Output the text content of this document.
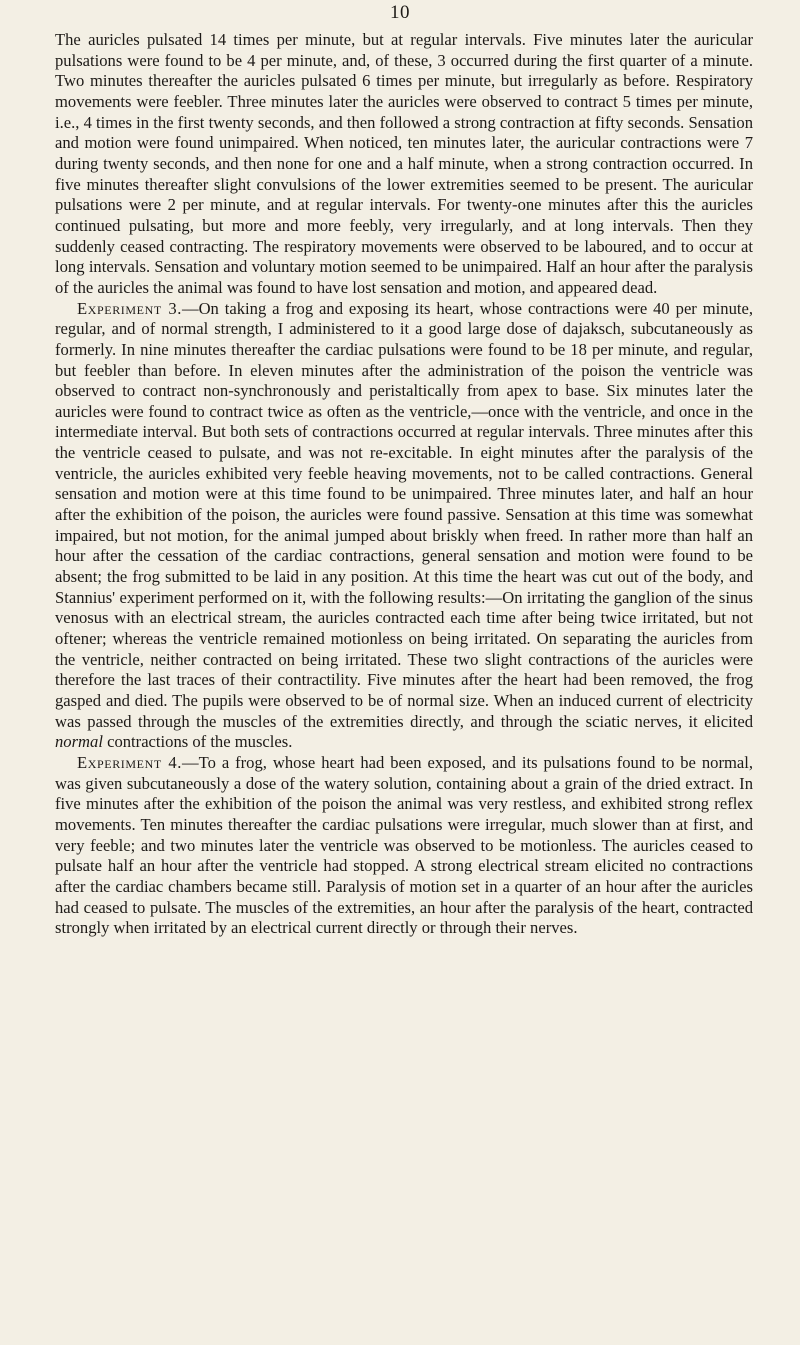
10

The auricles pulsated 14 times per minute, but at regular intervals. Five minutes later the auricular pulsations were found to be 4 per minute, and, of these, 3 occurred during the first quarter of a minute. Two minutes thereafter the auricles pulsated 6 times per minute, but irregularly as before. Respiratory movements were feebler. Three minutes later the auricles were observed to contract 5 times per minute, i.e., 4 times in the first twenty seconds, and then followed a strong contraction at fifty seconds. Sensation and motion were found unimpaired. When noticed, ten minutes later, the auricular contractions were 7 during twenty seconds, and then none for one and a half minute, when a strong contraction occurred. In five minutes thereafter slight convulsions of the lower extremities seemed to be present. The auricular pulsations were 2 per minute, and at regular intervals. For twenty-one minutes after this the auricles continued pulsating, but more and more feebly, very irregularly, and at long intervals. Then they suddenly ceased contracting. The respiratory movements were observed to be laboured, and to occur at long intervals. Sensation and voluntary motion seemed to be unimpaired. Half an hour after the paralysis of the auricles the animal was found to have lost sensation and motion, and appeared dead.

Experiment 3.—On taking a frog and exposing its heart, whose contractions were 40 per minute, regular, and of normal strength, I administered to it a good large dose of dajaksch, subcutaneously as formerly. In nine minutes thereafter the cardiac pulsations were found to be 18 per minute, and regular, but feebler than before. In eleven minutes after the administration of the poison the ventricle was observed to contract non-synchronously and peristaltically from apex to base. Six minutes later the auricles were found to contract twice as often as the ventricle,—once with the ventricle, and once in the intermediate interval. But both sets of contractions occurred at regular intervals. Three minutes after this the ventricle ceased to pulsate, and was not re-excitable. In eight minutes after the paralysis of the ventricle, the auricles exhibited very feeble heaving movements, not to be called contractions. General sensation and motion were at this time found to be unimpaired. Three minutes later, and half an hour after the exhibition of the poison, the auricles were found passive. Sensation at this time was somewhat impaired, but not motion, for the animal jumped about briskly when freed. In rather more than half an hour after the cessation of the cardiac contractions, general sensation and motion were found to be absent; the frog submitted to be laid in any position. At this time the heart was cut out of the body, and Stannius' experiment performed on it, with the following results:—On irritating the ganglion of the sinus venosus with an electrical stream, the auricles contracted each time after being twice irritated, but not oftener; whereas the ventricle remained motionless on being irritated. On separating the auricles from the ventricle, neither contracted on being irritated. These two slight contractions of the auricles were therefore the last traces of their contractility. Five minutes after the heart had been removed, the frog gasped and died. The pupils were observed to be of normal size. When an induced current of electricity was passed through the muscles of the extremities directly, and through the sciatic nerves, it elicited normal contractions of the muscles.

Experiment 4.—To a frog, whose heart had been exposed, and its pulsations found to be normal, was given subcutaneously a dose of the watery solution, containing about a grain of the dried extract. In five minutes after the exhibition of the poison the animal was very restless, and exhibited strong reflex movements. Ten minutes thereafter the cardiac pulsations were irregular, much slower than at first, and very feeble; and two minutes later the ventricle was observed to be motionless. The auricles ceased to pulsate half an hour after the ventricle had stopped. A strong electrical stream elicited no contractions after the cardiac chambers became still. Paralysis of motion set in a quarter of an hour after the auricles had ceased to pulsate. The muscles of the extremities, an hour after the paralysis of the heart, contracted strongly when irritated by an electrical current directly or through their nerves.
